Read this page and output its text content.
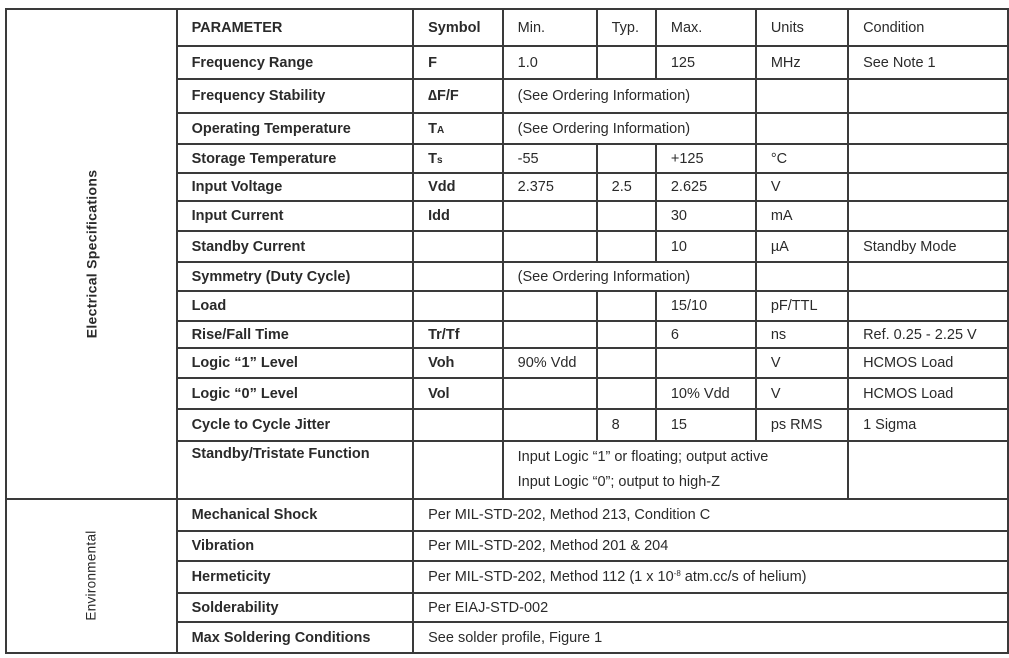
Electrical Specifications	PARAMETER	Symbol	Min.	Typ.	Max.	Units	Condition
	Frequency Range	F	1.0		125	MHz	See Note 1
	Frequency Stability	∆F/F	(See Ordering Information)				
	Operating Temperature	TA	(See Ordering Information)				
	Storage Temperature	Ts	-55		+125	°C	
	Input Voltage	Vdd	2.375	2.5	2.625	V	
	Input Current	Idd			30	mA	
	Standby Current				10	µA	Standby Mode
	Symmetry (Duty Cycle)		(See Ordering Information)				
	Load				15/10	pF/TTL	
	Rise/Fall Time	Tr/Tf			6	ns	Ref. 0.25 - 2.25 V
	Logic “1” Level	Voh	90% Vdd			V	HCMOS Load
	Logic “0” Level	Vol			10% Vdd	V	HCMOS Load
	Cycle to Cycle Jitter			8	15	ps RMS	1 Sigma
	Standby/Tristate Function		Input Logic “1” or floating; output active
Input Logic “0”; output to high-Z				

Environmental	Mechanical Shock	Per MIL-STD-202, Method 213, Condition C					
	Vibration	Per MIL-STD-202, Method 201 & 204					
	Hermeticity	Per MIL-STD-202, Method 112 (1 x $10^{-8}$ atm.cc/s of helium)					
	Solderability	Per EIAJ-STD-002					
	Max Soldering Conditions	See solder profile, Figure 1					
